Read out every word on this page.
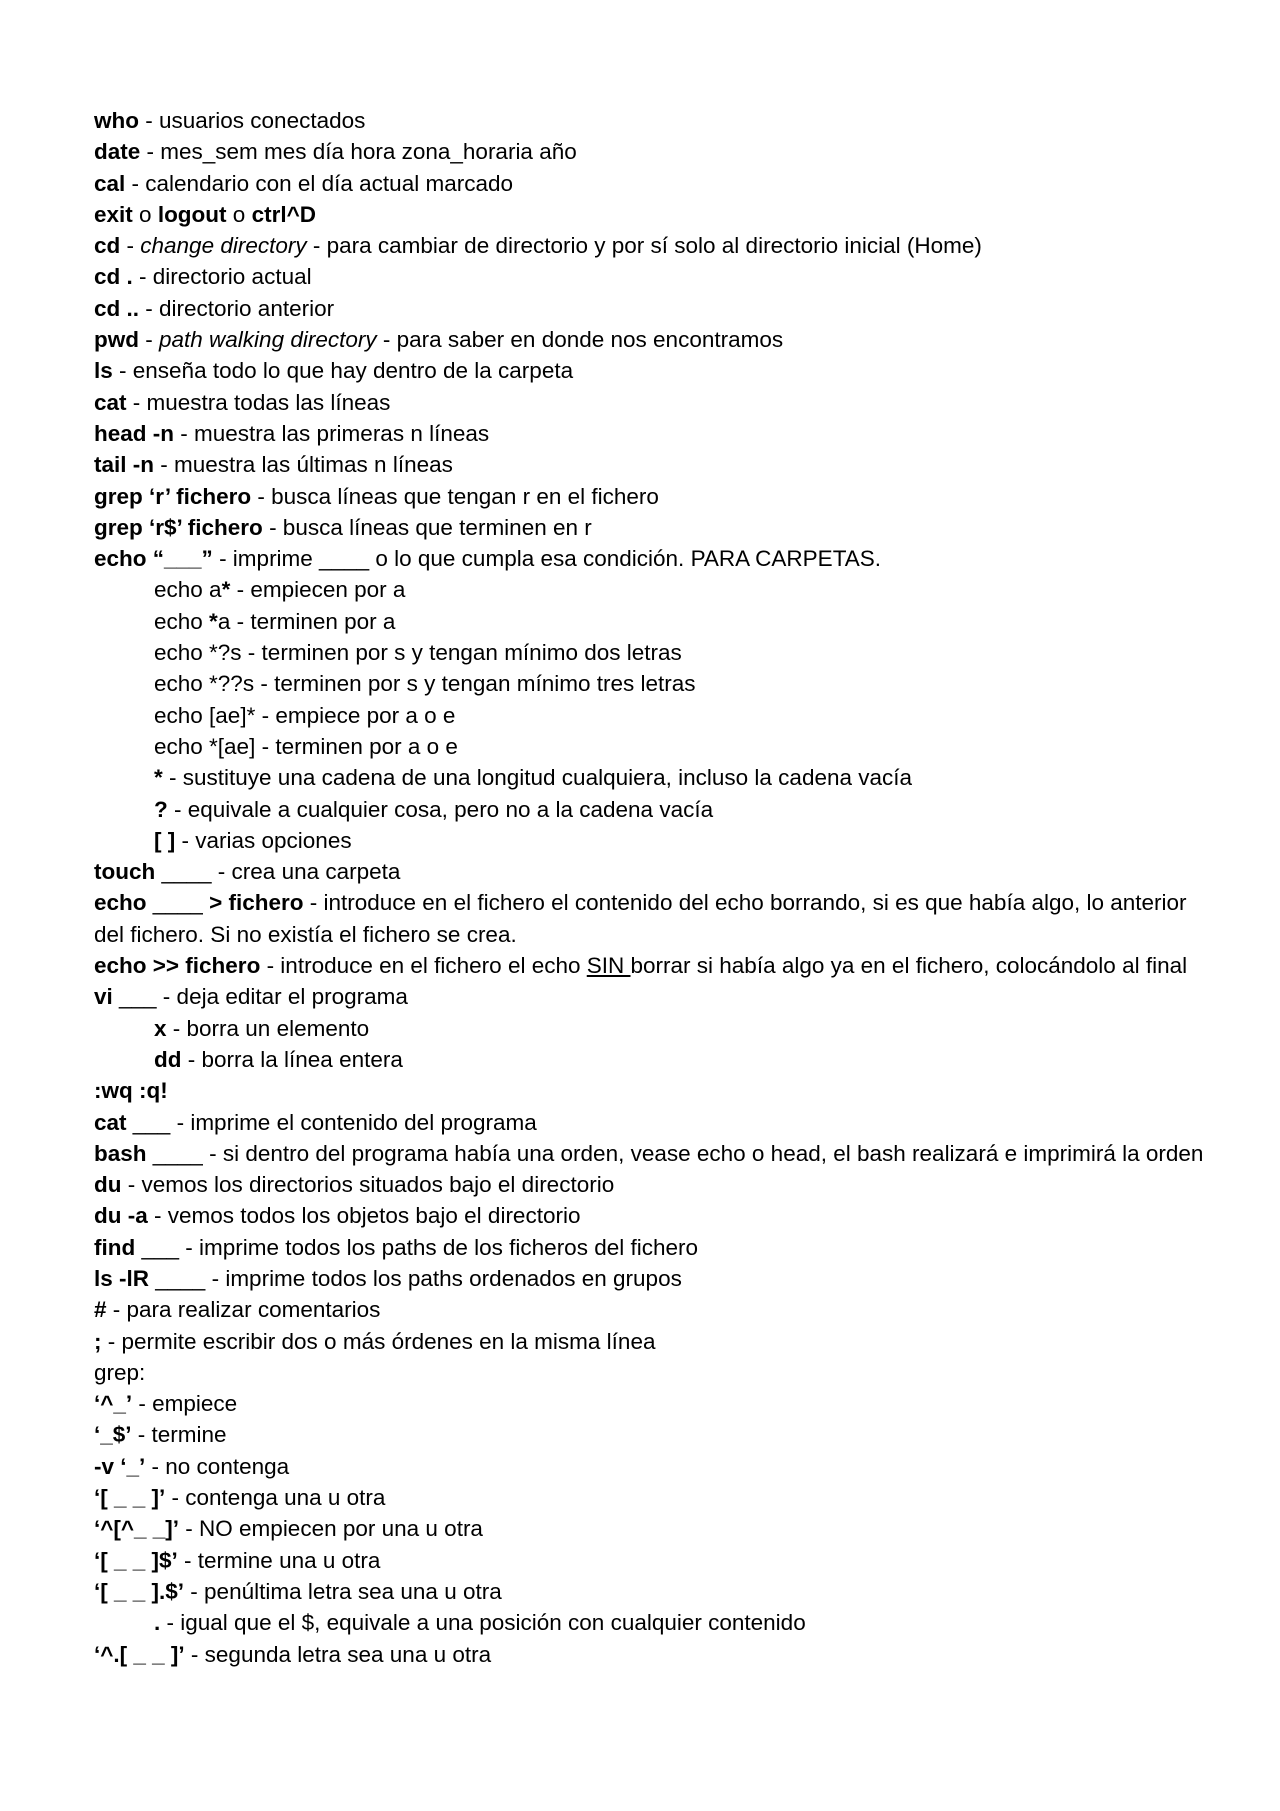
who - usuarios conectados
date - mes_sem mes día hora zona_horaria año
cal - calendario con el día actual marcado
exit o logout o ctrl^D
cd - change directory - para cambiar de directorio y por sí solo al directorio inicial (Home)
cd . - directorio actual
cd .. - directorio anterior
pwd - path walking directory - para saber en donde nos encontramos
ls - enseña todo lo que hay dentro de la carpeta
cat - muestra todas las líneas
head -n - muestra las primeras n líneas
tail -n - muestra las últimas n líneas
grep ‘r’ fichero - busca líneas que tengan r en el fichero
grep ‘r$’ fichero - busca líneas que terminen en r
echo “___” - imprime ____ o lo que cumpla esa condición. PARA CARPETAS.
echo a* - empiecen por a
echo *a - terminen por a
echo *?s - terminen por s y tengan mínimo dos letras
echo *??s - terminen por s y tengan mínimo tres letras
echo [ae]* - empiece por a o e
echo *[ae] - terminen por a o e
* - sustituye una cadena de una longitud cualquiera, incluso la cadena vacía
? - equivale a cualquier cosa, pero no a la cadena vacía
[ ] - varias opciones
touch ____ - crea una carpeta
echo ____ > fichero - introduce en el fichero el contenido del echo borrando, si es que había algo, lo anterior del fichero. Si no existía el fichero se crea.
echo >> fichero - introduce en el fichero el echo SIN borrar si había algo ya en el fichero, colocándolo al final
vi ___ - deja editar el programa
x - borra un elemento
dd - borra la línea entera
:wq :q!
cat ___ - imprime el contenido del programa
bash ____ - si dentro del programa había una orden, vease echo o head, el bash realizará e imprimirá la orden
du - vemos los directorios situados bajo el directorio
du -a - vemos todos los objetos bajo el directorio
find ___ - imprime todos los paths de los ficheros del fichero
ls -lR ____ - imprime todos los paths ordenados en grupos
# - para realizar comentarios
; - permite escribir dos o más órdenes en la misma línea
grep:
‘^_’ - empiece
‘_$’ - termine
-v ‘_’ - no contenga
‘[ _ _ ]’ - contenga una u otra
‘^[^_ _]’ - NO empiecen por una u otra
‘[ _ _ ]$’ - termine una u otra
‘[ _ _ ].$’ - penúltima letra sea una u otra
. - igual que el $, equivale a una posición con cualquier contenido
‘^.[ _ _ ]’ - segunda letra sea una u otra
